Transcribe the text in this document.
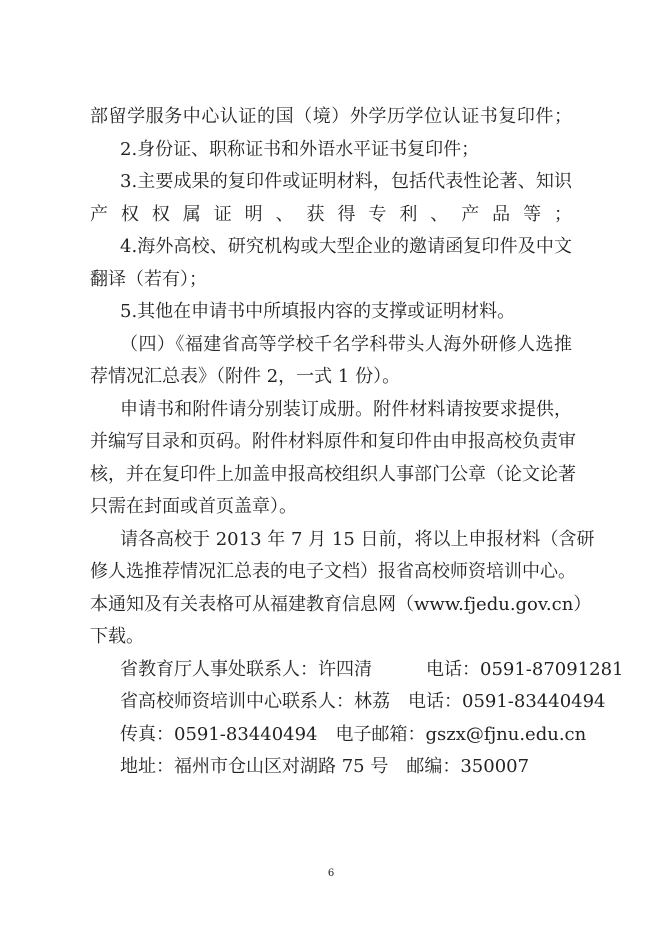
部留学服务中心认证的国（境）外学历学位认证书复印件；
2.身份证、职称证书和外语水平证书复印件；
3.主要成果的复印件或证明材料，包括代表性论著、知识
产权权属证明、获得专利、产品等；
4.海外高校、研究机构或大型企业的邀请函复印件及中文
翻译（若有）；
5.其他在申请书中所填报内容的支撑或证明材料。
（四）《福建省高等学校千名学科带头人海外研修人选推
荐情况汇总表》（附件 2，一式 1 份）。
申请书和附件请分别装订成册。附件材料请按要求提供，
并编写目录和页码。附件材料原件和复印件由申报高校负责审
核，并在复印件上加盖申报高校组织人事部门公章（论文论著
只需在封面或首页盖章）。
请各高校于 2013 年 7 月 15 日前，将以上申报材料（含研
修人选推荐情况汇总表的电子文档）报省高校师资培训中心。
本通知及有关表格可从福建教育信息网（www.fjedu.gov.cn）
下载。
省教育厅人事处联系人：许四清　　　电话：0591-87091281
省高校师资培训中心联系人：林荔　电话：0591-83440494
传真：0591-83440494　电子邮箱：gszx@fjnu.edu.cn
地址：福州市仓山区对湖路 75 号　邮编：350007
6
